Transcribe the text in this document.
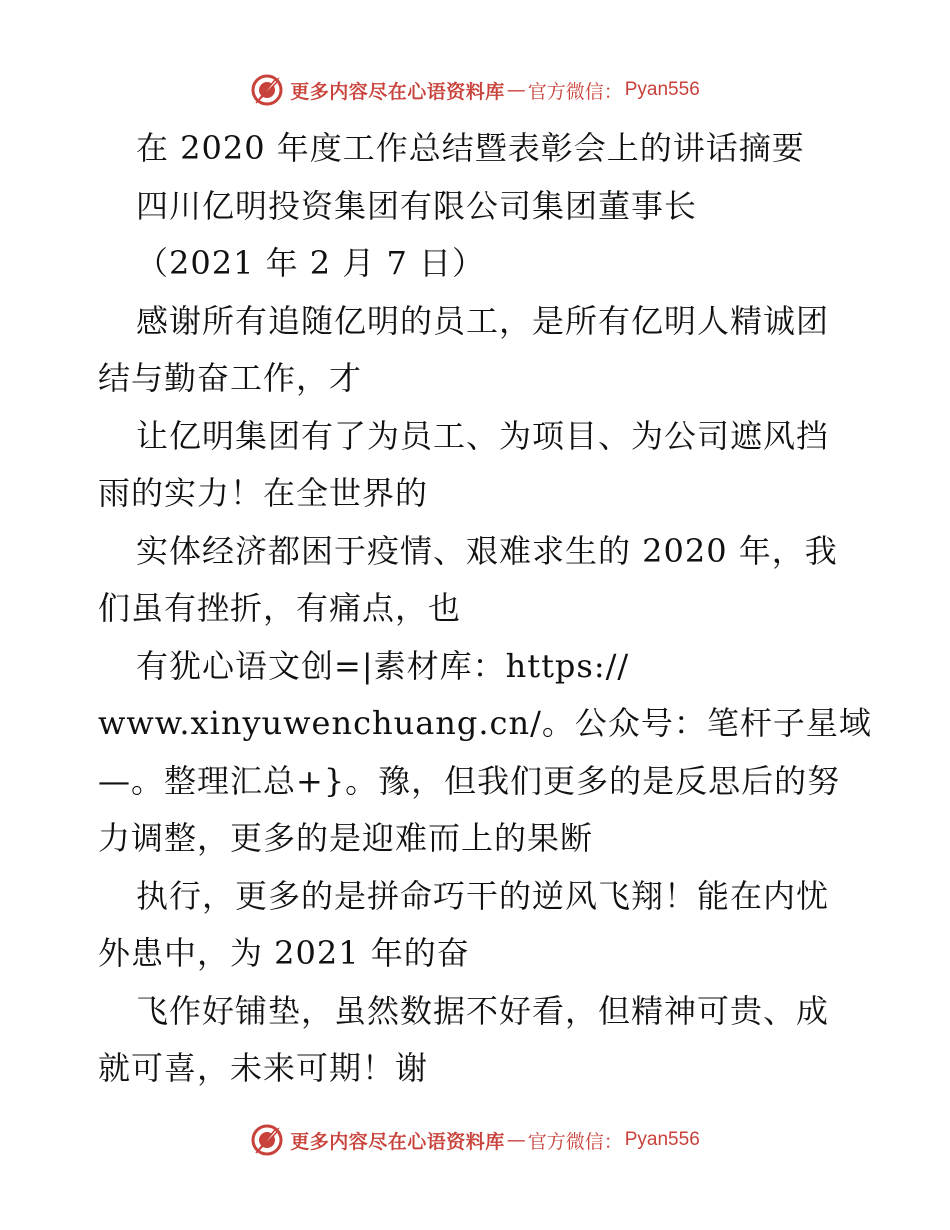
更多内容尽在心语资料库 — 官方微信： Pyan556
在 2020 年度工作总结暨表彰会上的讲话摘要
四川亿明投资集团有限公司集团董事长
（2021 年 2 月 7 日）
感谢所有追随亿明的员工，是所有亿明人精诚团
结与勤奋工作，才
让亿明集团有了为员工、为项目、为公司遮风挡
雨的实力！在全世界的
实体经济都困于疫情、艰难求生的 2020 年，我
们虽有挫折，有痛点，也
有犹心语文创=|素材库：https://
www.xinyuwenchuang.cn/。公众号：笔杆子星域
—。整理汇总+}。豫，但我们更多的是反思后的努
力调整，更多的是迎难而上的果断
执行，更多的是拼命巧干的逆风飞翔！能在内忧
外患中，为 2021 年的奋
飞作好铺垫，虽然数据不好看，但精神可贵、成
就可喜，未来可期！谢
更多内容尽在心语资料库 — 官方微信： Pyan556
